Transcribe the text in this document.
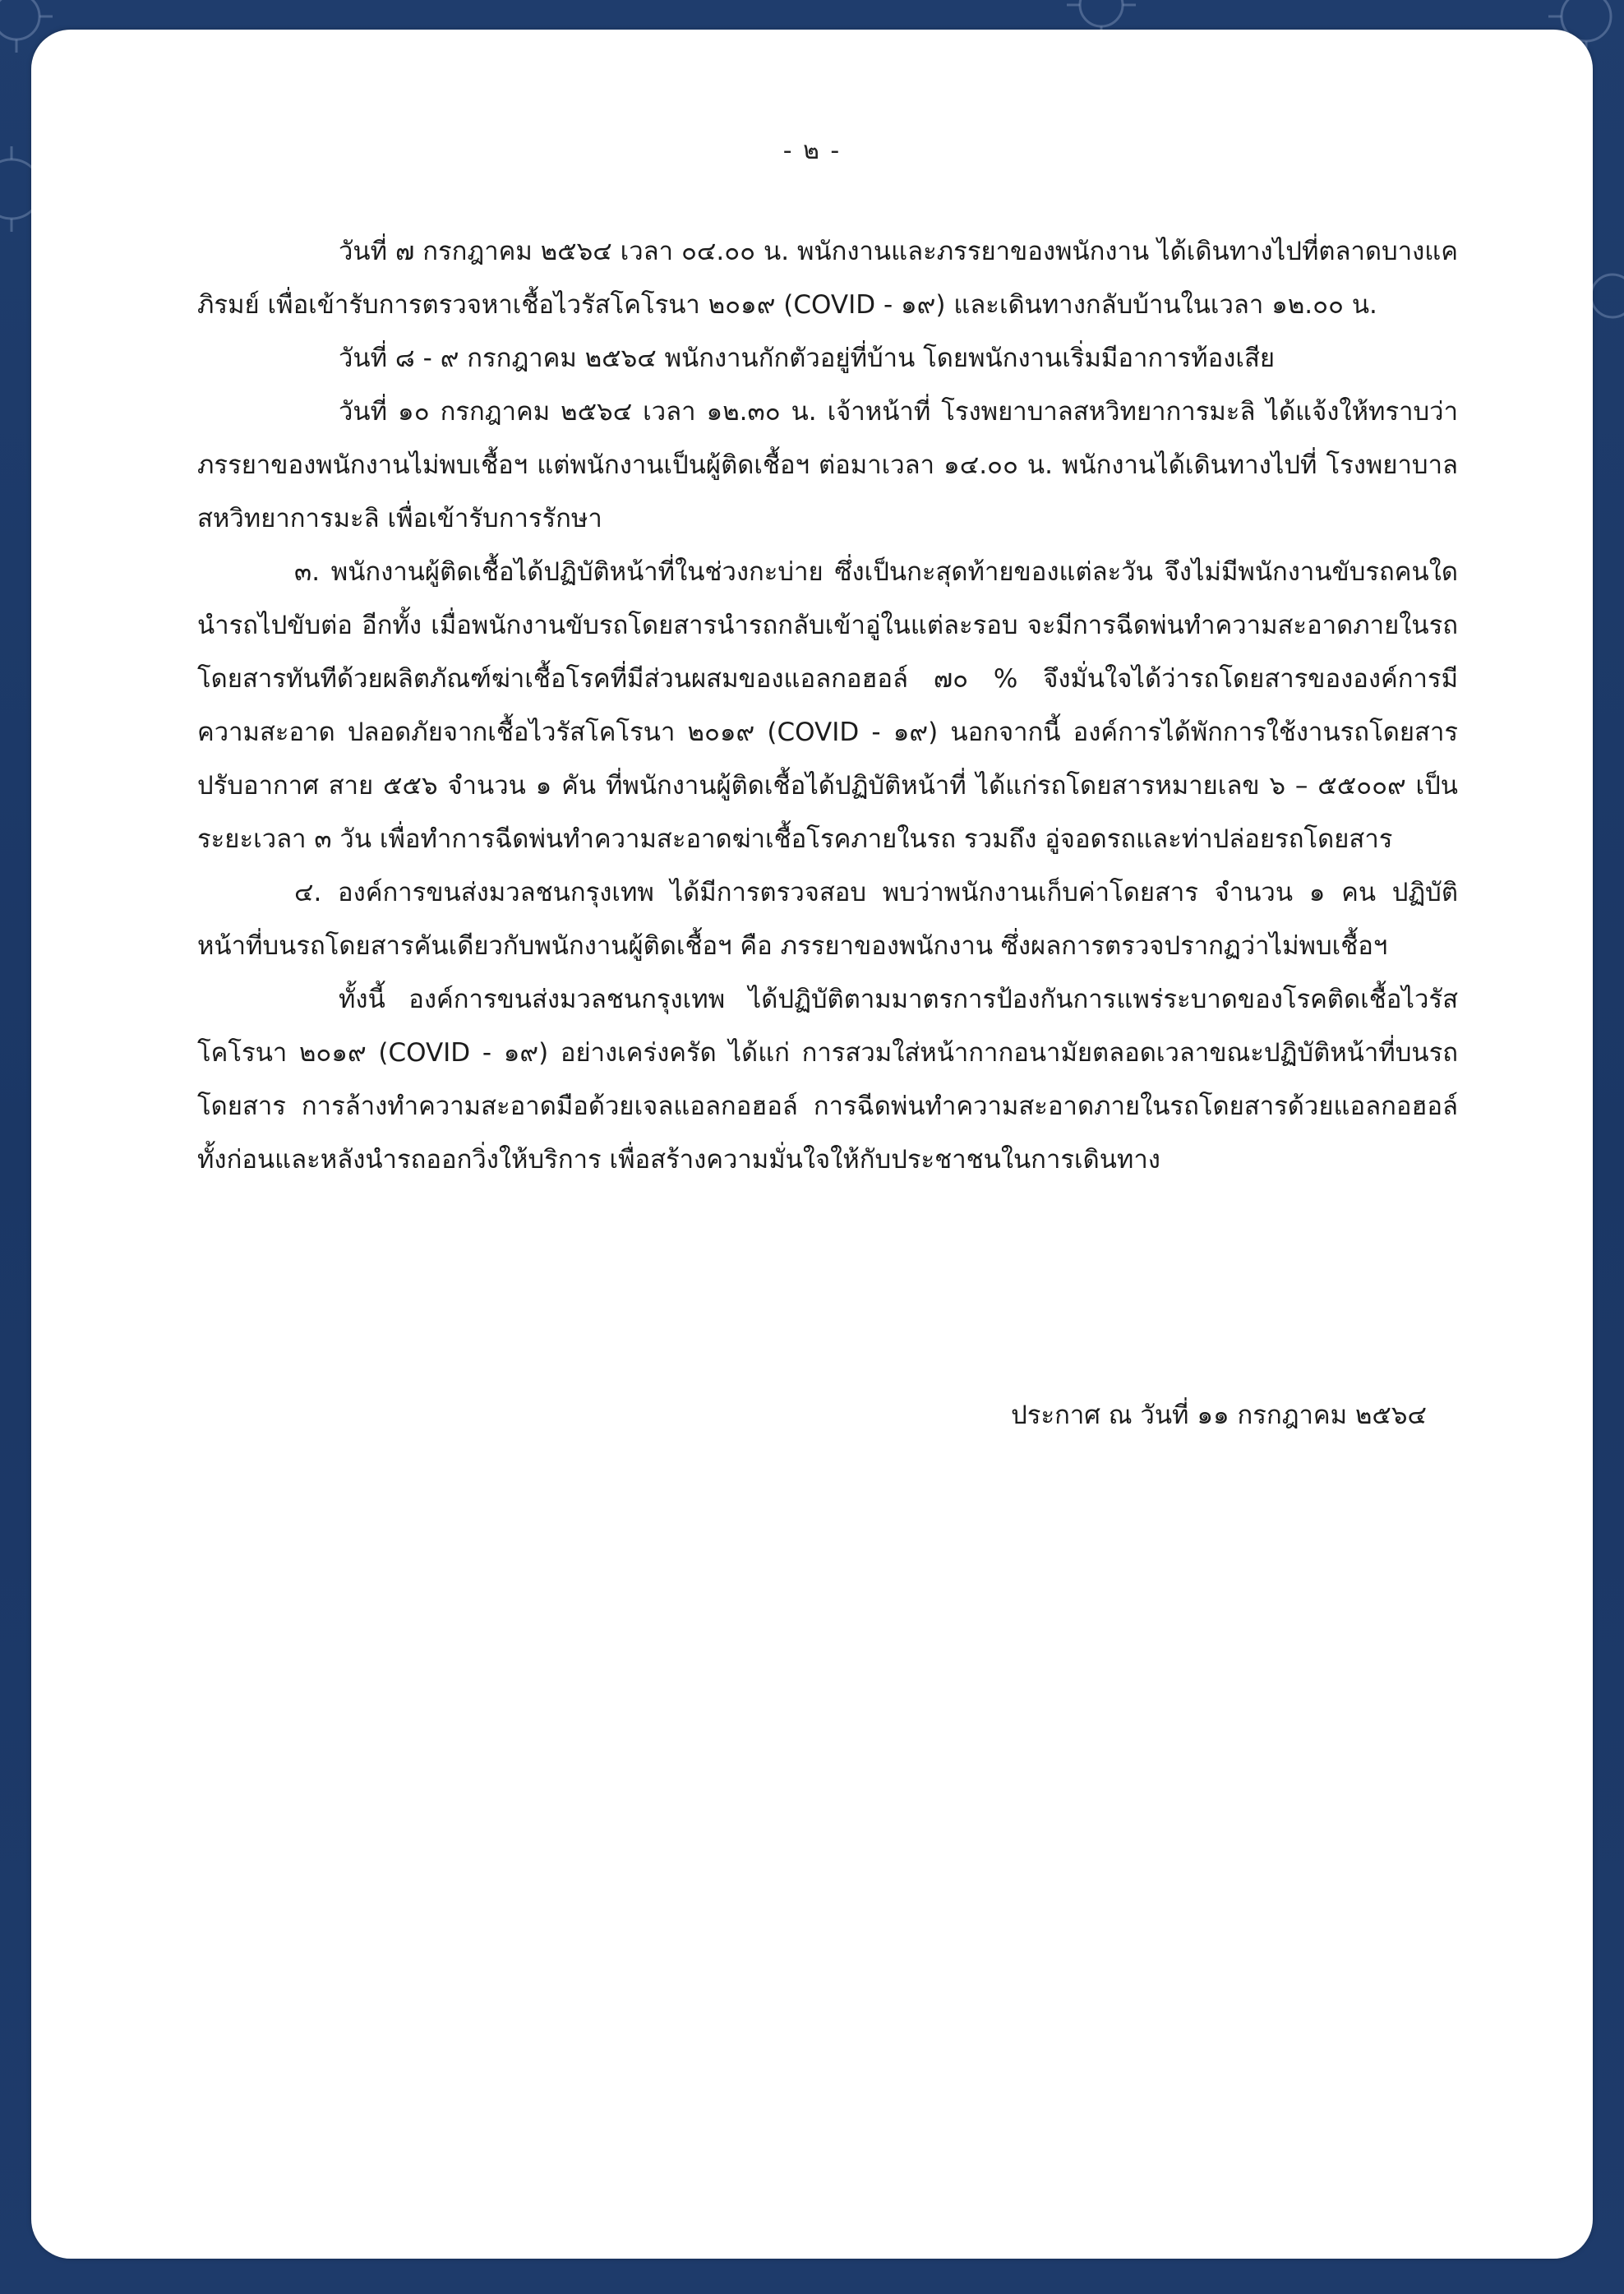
- ๒ -

วันที่ ๗ กรกฎาคม ๒๕๖๔ เวลา ๐๔.๐๐ น. พนักงานและภรรยาของพนักงาน ได้เดินทางไปที่ตลาดบางแคภิรมย์ เพื่อเข้ารับการตรวจหาเชื้อไวรัสโคโรนา ๒๐๑๙ (COVID - ๑๙) และเดินทางกลับบ้านในเวลา ๑๒.๐๐ น.

วันที่ ๘ - ๙ กรกฎาคม ๒๕๖๔ พนักงานกักตัวอยู่ที่บ้าน โดยพนักงานเริ่มมีอาการท้องเสีย

วันที่ ๑๐ กรกฎาคม ๒๕๖๔ เวลา ๑๒.๓๐ น. เจ้าหน้าที่ โรงพยาบาลสหวิทยาการมะลิ ได้แจ้งให้ทราบว่า ภรรยาของพนักงานไม่พบเชื้อฯ แต่พนักงานเป็นผู้ติดเชื้อฯ ต่อมาเวลา ๑๔.๐๐ น. พนักงานได้เดินทางไปที่ โรงพยาบาลสหวิทยาการมะลิ เพื่อเข้ารับการรักษา

๓. พนักงานผู้ติดเชื้อได้ปฏิบัติหน้าที่ในช่วงกะบ่าย ซึ่งเป็นกะสุดท้ายของแต่ละวัน จึงไม่มีพนักงานขับรถคนใดนำรถไปขับต่อ อีกทั้ง เมื่อพนักงานขับรถโดยสารนำรถกลับเข้าอู่ในแต่ละรอบ จะมีการฉีดพ่นทำความสะอาดภายในรถโดยสารทันทีด้วยผลิตภัณฑ์ฆ่าเชื้อโรคที่มีส่วนผสมของแอลกอฮอล์ ๗๐ % จึงมั่นใจได้ว่ารถโดยสารขององค์การมีความสะอาด ปลอดภัยจากเชื้อไวรัสโคโรนา ๒๐๑๙ (COVID - ๑๙) นอกจากนี้ องค์การได้พักการใช้งานรถโดยสารปรับอากาศ สาย ๕๕๖ จำนวน ๑ คัน ที่พนักงานผู้ติดเชื้อได้ปฏิบัติหน้าที่ ได้แก่รถโดยสารหมายเลข ๖ – ๕๕๐๐๙ เป็นระยะเวลา ๓ วัน เพื่อทำการฉีดพ่นทำความสะอาดฆ่าเชื้อโรคภายในรถ รวมถึง อู่จอดรถและท่าปล่อยรถโดยสาร

๔. องค์การขนส่งมวลชนกรุงเทพ ได้มีการตรวจสอบ พบว่าพนักงานเก็บค่าโดยสาร จำนวน ๑ คน ปฏิบัติหน้าที่บนรถโดยสารคันเดียวกับพนักงานผู้ติดเชื้อฯ คือ ภรรยาของพนักงาน ซึ่งผลการตรวจปรากฏว่าไม่พบเชื้อฯ

ทั้งนี้ องค์การขนส่งมวลชนกรุงเทพ ได้ปฏิบัติตามมาตรการป้องกันการแพร่ระบาดของโรคติดเชื้อไวรัสโคโรนา ๒๐๑๙ (COVID - ๑๙) อย่างเคร่งครัด ได้แก่ การสวมใส่หน้ากากอนามัยตลอดเวลาขณะปฏิบัติหน้าที่บนรถโดยสาร การล้างทำความสะอาดมือด้วยเจลแอลกอฮอล์ การฉีดพ่นทำความสะอาดภายในรถโดยสารด้วยแอลกอฮอล์ ทั้งก่อนและหลังนำรถออกวิ่งให้บริการ เพื่อสร้างความมั่นใจให้กับประชาชนในการเดินทาง

ประกาศ ณ วันที่ ๑๑ กรกฎาคม ๒๕๖๔
